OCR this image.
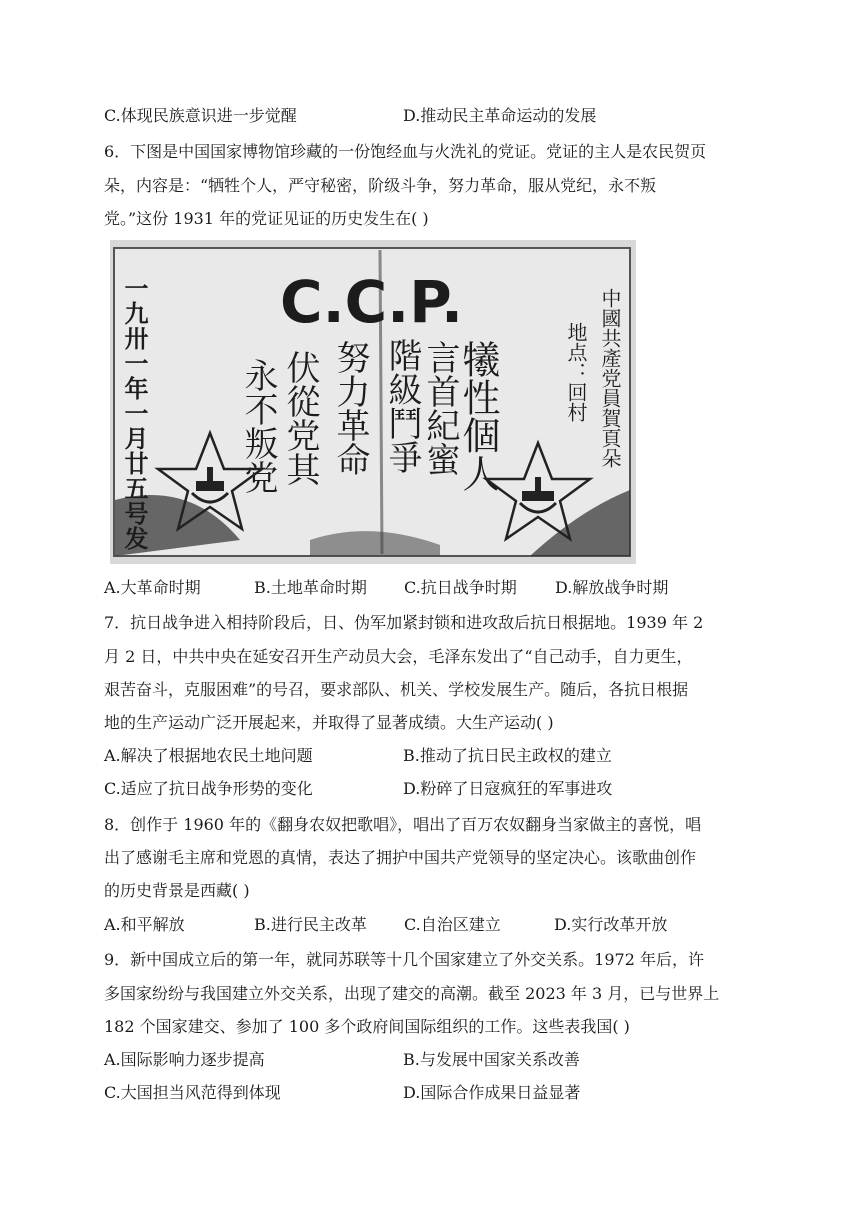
C.体现民族意识进一步觉醒	D.推动民主革命运动的发展
6．下图是中国国家博物馆珍藏的一份饱经血与火洗礼的党证。党证的主人是农民贺页
朵，内容是：“牺牲个人，严守秘密，阶级斗争，努力革命，服从党纪，永不叛
党。”这份 1931 年的党证见证的历史发生在( )
C.C.P.
一九卅一年一月廿五号发	犧性個人
言首紀蜜
階級鬥爭
努力革命
伏從党其
永不叛党	中國共產党員賀頁朵
地点：回村
A.大革命时期	B.土地革命时期 C.抗日战争时期 D.解放战争时期
7．抗日战争进入相持阶段后，日、伪军加紧封锁和进攻敌后抗日根据地。1939 年 2
月 2 日，中共中央在延安召开生产动员大会，毛泽东发出了“自己动手，自力更生，
艰苦奋斗，克服困难”的号召，要求部队、机关、学校发展生产。随后，各抗日根据
地的生产运动广泛开展起来，并取得了显著成绩。大生产运动( )
A.解决了根据地农民土地问题	B.推动了抗日民主政权的建立
C.适应了抗日战争形势的变化	D.粉碎了日寇疯狂的军事进攻
8．创作于 1960 年的《翻身农奴把歌唱》，唱出了百万农奴翻身当家做主的喜悦，唱
出了感谢毛主席和党恩的真情，表达了拥护中国共产党领导的坚定决心。该歌曲创作
的历史背景是西藏( )
A.和平解放	B.进行民主改革 C.自治区建立	D.实行改革开放
9．新中国成立后的第一年，就同苏联等十几个国家建立了外交关系。1972 年后，许
多国家纷纷与我国建立外交关系，出现了建交的高潮。截至 2023 年 3 月，已与世界上
182 个国家建交、参加了 100 多个政府间国际组织的工作。这些表我国( )
A.国际影响力逐步提高	B.与发展中国家关系改善
C.大国担当风范得到体现	D.国际合作成果日益显著
